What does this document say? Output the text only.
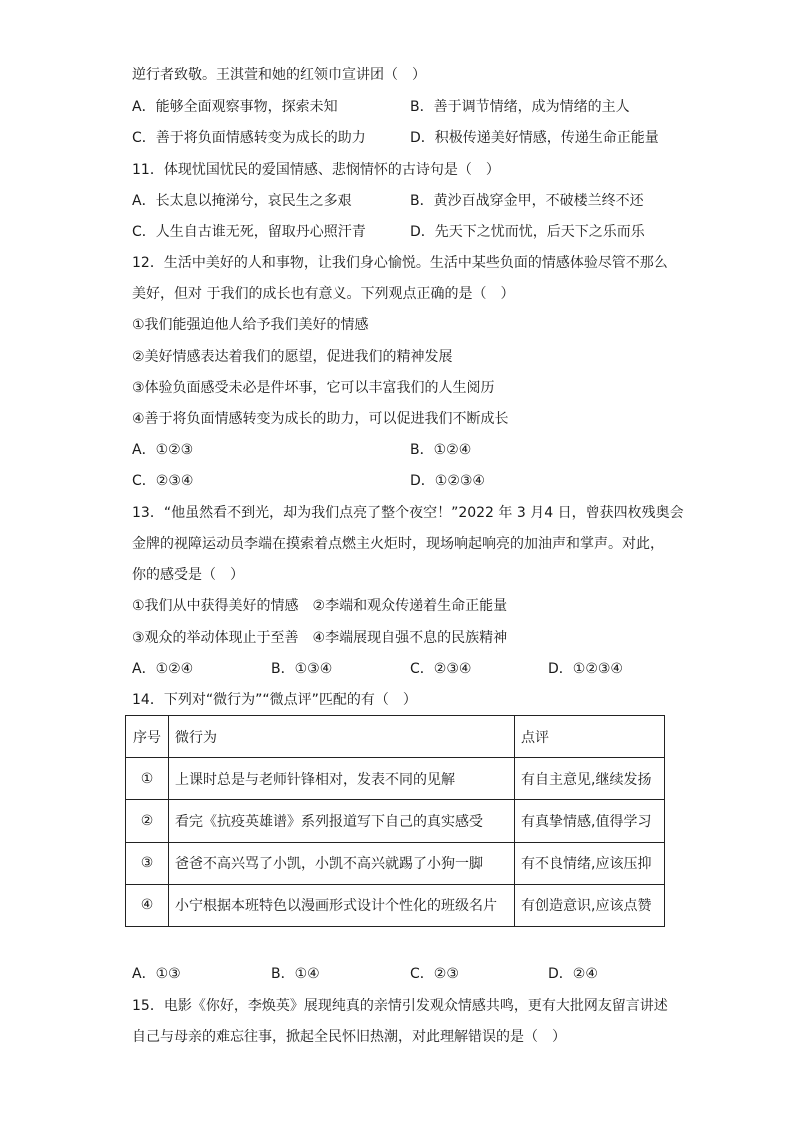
逆行者致敬。王淇萱和她的红领巾宣讲团（　）
A．能够全面观察事物，探索未知	B．善于调节情绪，成为情绪的主人
C．善于将负面情感转变为成长的助力	D．积极传递美好情感，传递生命正能量
11．体现忧国忧民的爱国情感、悲悯情怀的古诗句是（　）
A．长太息以掩涕兮，哀民生之多艰	B．黄沙百战穿金甲，不破楼兰终不还
C．人生自古谁无死，留取丹心照汗青	D．先天下之忧而忧，后天下之乐而乐
12．生活中美好的人和事物，让我们身心愉悦。生活中某些负面的情感体验尽管不那么
美好，但对 于我们的成长也有意义。下列观点正确的是（　）
①我们能强迫他人给予我们美好的情感
②美好情感表达着我们的愿望，促进我们的精神发展
③体验负面感受未必是件坏事，它可以丰富我们的人生阅历
④善于将负面情感转变为成长的助力，可以促进我们不断成长
A．①②③	B．①②④
C．②③④	D．①②③④
13．“他虽然看不到光，却为我们点亮了整个夜空！”2022 年 3 月4 日，曾获四枚残奥会
金牌的视障运动员李端在摸索着点燃主火炬时，现场响起响亮的加油声和掌声。对此，
你的感受是（　）
①我们从中获得美好的情感　②李端和观众传递着生命正能量
③观众的举动体现止于至善　④李端展现自强不息的民族精神
A．①②④	B．①③④	C．②③④	D．①②③④
14．下列对“微行为”“微点评”匹配的有（　）
序号	微行为	点评
①	上课时总是与老师针锋相对，发表不同的见解	有自主意见,继续发扬
②	看完《抗疫英雄谱》系列报道写下自己的真实感受	有真挚情感,值得学习
③	爸爸不高兴骂了小凯，小凯不高兴就踢了小狗一脚	有不良情绪,应该压抑
④	小宁根据本班特色以漫画形式设计个性化的班级名片	有创造意识,应该点赞
A．①③	B．①④	C．②③	D．②④
15．电影《你好，李焕英》展现纯真的亲情引发观众情感共鸣，更有大批网友留言讲述
自己与母亲的难忘往事，掀起全民怀旧热潮，对此理解错误的是（　）
